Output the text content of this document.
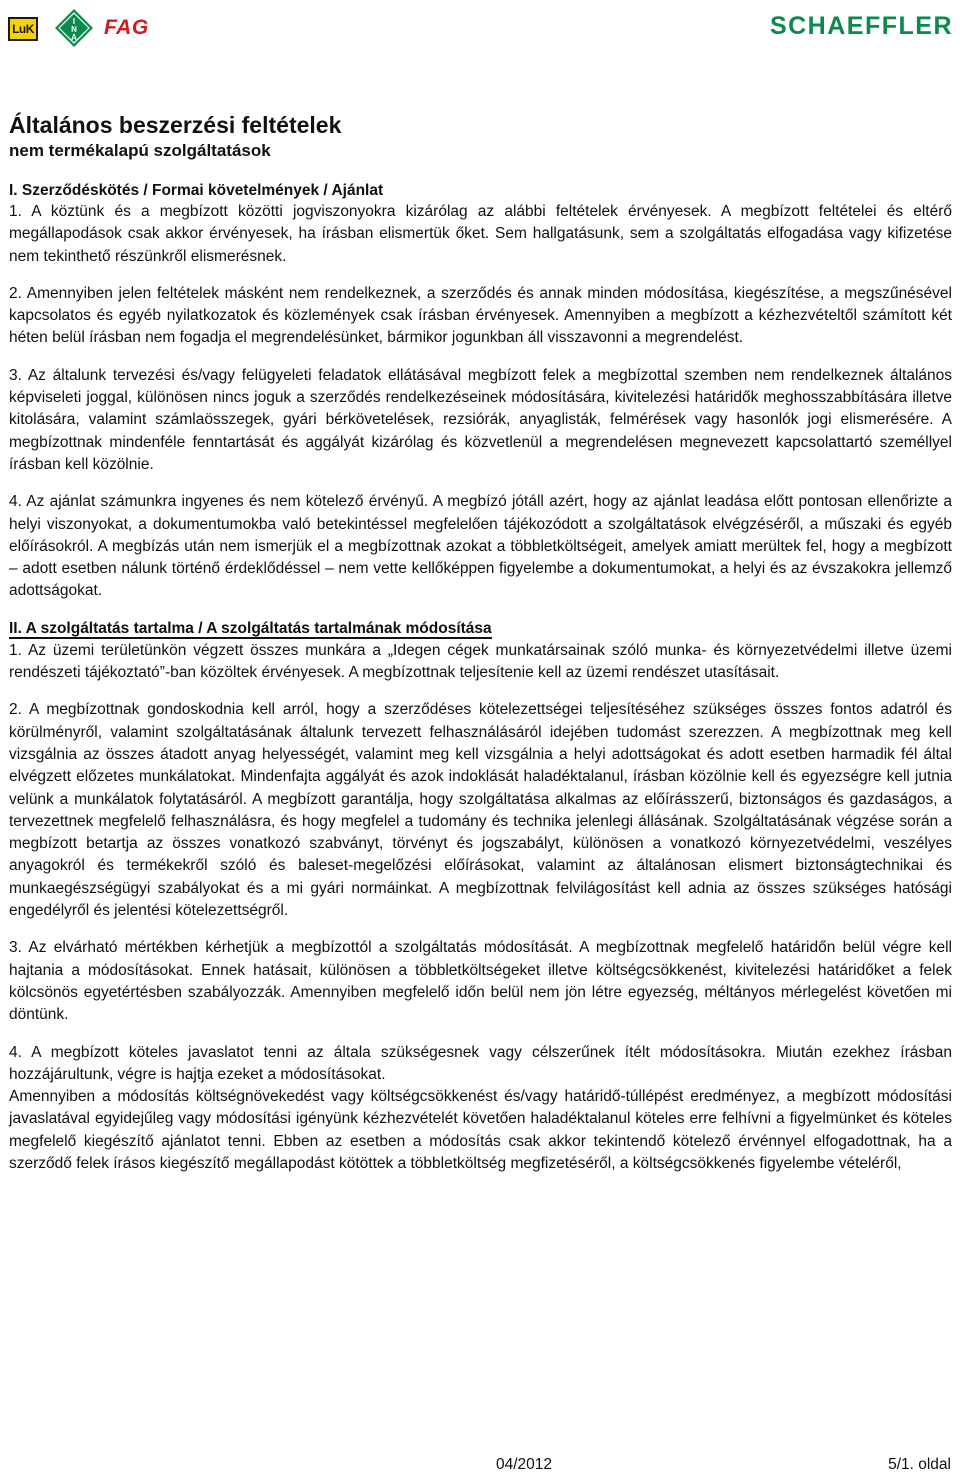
LuK
I
N
A FAG	SCHAEFFLER
Általános beszerzési feltételek
nem termékalapú szolgáltatások
I. Szerződéskötés / Formai követelmények / Ajánlat

1. A köztünk és a megbízott közötti jogviszonyokra kizárólag az alábbi feltételek érvényesek. A megbízott feltételei és eltérő megállapodások csak akkor érvényesek, ha írásban elismertük őket. Sem hallgatásunk, sem a szolgáltatás elfogadása vagy kifizetése nem tekinthető részünkről elismerésnek.

2. Amennyiben jelen feltételek másként nem rendelkeznek, a szerződés és annak minden módosítása, kiegészítése, a megszűnésével kapcsolatos és egyéb nyilatkozatok és közlemények csak írásban érvényesek. Amennyiben a megbízott a kézhezvételtől számított két héten belül írásban nem fogadja el megrendelésünket, bármikor jogunkban áll visszavonni a megrendelést.

3. Az általunk tervezési és/vagy felügyeleti feladatok ellátásával megbízott felek a megbízottal szemben nem rendelkeznek általános képviseleti joggal, különösen nincs joguk a szerződés rendelkezéseinek módosítására, kivitelezési határidők meghosszabbítására illetve kitolására, valamint számlaösszegek, gyári bérkövetelések, rezsiórák, anyaglisták, felmérések vagy hasonlók jogi elismerésére. A megbízottnak mindenféle fenntartását és aggályát kizárólag és közvetlenül a megrendelésen megnevezett kapcsolattartó személlyel írásban kell közölnie.

4. Az ajánlat számunkra ingyenes és nem kötelező érvényű. A megbízó jótáll azért, hogy az ajánlat leadása előtt pontosan ellenőrizte a helyi viszonyokat, a dokumentumokba való betekintéssel megfelelően tájékozódott a szolgáltatások elvégzéséről, a műszaki és egyéb előírásokról. A megbízás után nem ismerjük el a megbízottnak azokat a többletköltségeit, amelyek amiatt merültek fel, hogy a megbízott – adott esetben nálunk történő érdeklődéssel – nem vette kellőképpen figyelembe a dokumentumokat, a helyi és az évszakokra jellemző adottságokat.

II. A szolgáltatás tartalma / A szolgáltatás tartalmának módosítása

1. Az üzemi területünkön végzett összes munkára a „Idegen cégek munkatársainak szóló munka- és környezetvédelmi illetve üzemi rendészeti tájékoztató”-ban közöltek érvényesek. A megbízottnak teljesítenie kell az üzemi rendészet utasításait.

2. A megbízottnak gondoskodnia kell arról, hogy a szerződéses kötelezettségei teljesítéséhez szükséges összes fontos adatról és körülményről, valamint szolgáltatásának általunk tervezett felhasználásáról idejében tudomást szerezzen. A megbízottnak meg kell vizsgálnia az összes átadott anyag helyességét, valamint meg kell vizsgálnia a helyi adottságokat és adott esetben harmadik fél által elvégzett előzetes munkálatokat. Mindenfajta aggályát és azok indoklását haladéktalanul, írásban közölnie kell és egyezségre kell jutnia velünk a munkálatok folytatásáról. A megbízott garantálja, hogy szolgáltatása alkalmas az előírásszerű, biztonságos és gazdaságos, a tervezettnek megfelelő felhasználásra, és hogy megfelel a tudomány és technika jelenlegi állásának. Szolgáltatásának végzése során a megbízott betartja az összes vonatkozó szabványt, törvényt és jogszabályt, különösen a vonatkozó környezetvédelmi, veszélyes anyagokról és termékekről szóló és baleset-megelőzési előírásokat, valamint az általánosan elismert biztonságtechnikai és munkaegészségügyi szabályokat és a mi gyári normáinkat. A megbízottnak felvilágosítást kell adnia az összes szükséges hatósági engedélyről és jelentési kötelezettségről.

3. Az elvárható mértékben kérhetjük a megbízottól a szolgáltatás módosítását. A megbízottnak megfelelő határidőn belül végre kell hajtania a módosításokat. Ennek hatásait, különösen a többletköltségeket illetve költségcsökkenést, kivitelezési határidőket a felek kölcsönös egyetértésben szabályozzák. Amennyiben megfelelő időn belül nem jön létre egyezség, méltányos mérlegelést követően mi döntünk.

4. A megbízott köteles javaslatot tenni az általa szükségesnek vagy célszerűnek ítélt módosításokra. Miután ezekhez írásban hozzájárultunk, végre is hajtja ezeket a módosításokat.

Amennyiben a módosítás költségnövekedést vagy költségcsökkenést és/vagy határidő-túllépést eredményez, a megbízott módosítási javaslatával egyidejűleg vagy módosítási igényünk kézhezvételét követően haladéktalanul köteles erre felhívni a figyelmünket és köteles megfelelő kiegészítő ajánlatot tenni. Ebben az esetben a módosítás csak akkor tekintendő kötelező érvénnyel elfogadottnak, ha a szerződő felek írásos kiegészítő megállapodást kötöttek a többletköltség megfizetéséről, a költségcsökkenés figyelembe vételéről,

04/2012	5/1. oldal
